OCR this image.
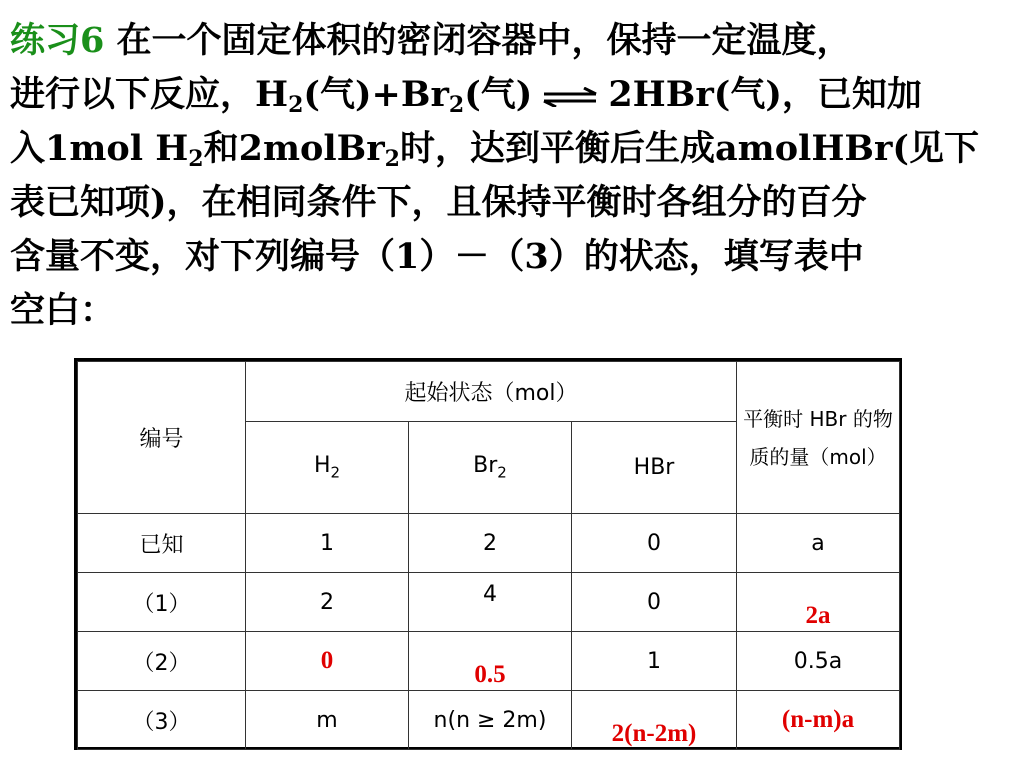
练习6 在一个固定体积的密闭容器中，保持一定温度，
进行以下反应，$H_2$(气)$+Br_2$(气) ⇌ 2HBr(气)，已知加
入1mol $H_2$和2molBr$_2$时，达到平衡后生成amolHBr(见下
表已知项)，在相同条件下，且保持平衡时各组分的百分
含量不变，对下列编号（1）－（3）的状态，填写表中
空白：
编号	起始状态（mol）			平衡时 HBr 的物质的量（mol）
	$H_2$	$Br_2$	HBr	
已知	1	2	0	a
（1）	2	4	0	2a
（2）	0	0.5	1	0.5a
（3）	m	n(n ≥ 2m)	2(n-2m)	(n-m)a
